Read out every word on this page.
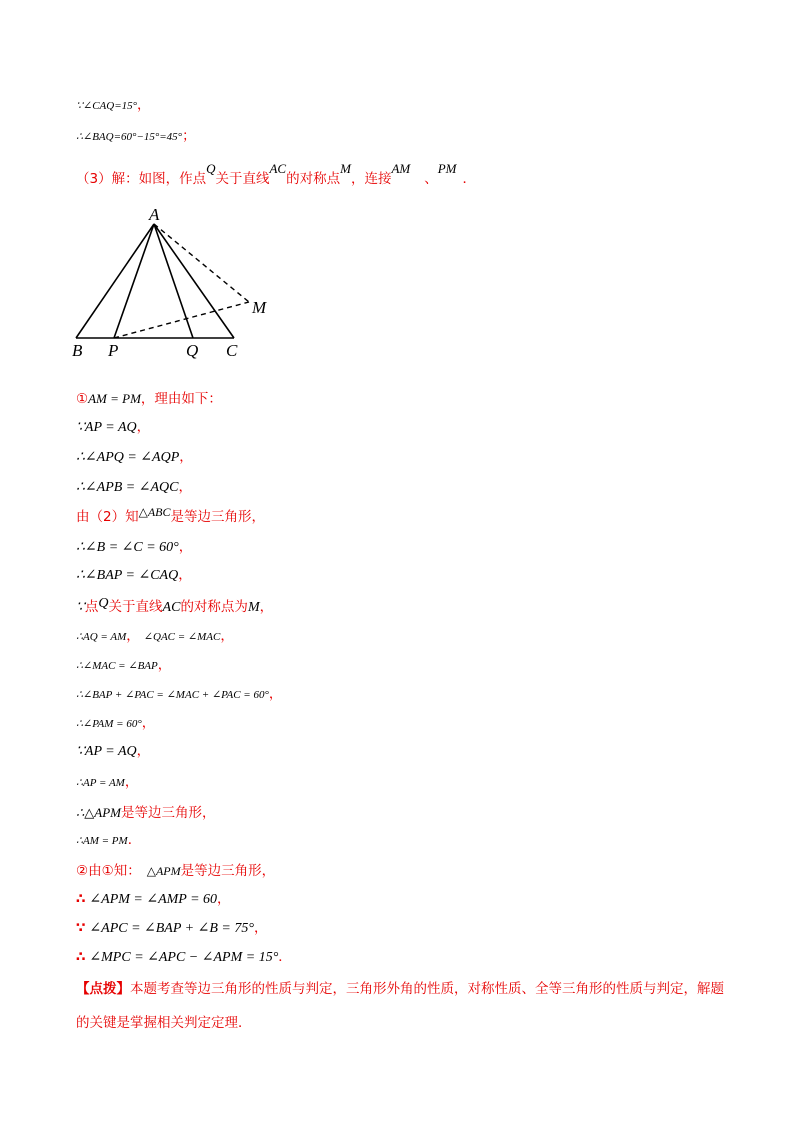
∵∠CAQ=15°，
∴∠BAQ=60°−15°=45°；
（3）解：如图，作点$^Q$关于直线$^{AC}$的对称点$^M$，连接$^{AM}$、$^{PM}$．
A
B P	Q C
M
①AM = PM，理由如下：
∵AP = AQ，
∴∠APQ = ∠AQP，
∴∠APB = ∠AQC，
由（2）知$^{\triangle ABC}$是等边三角形，
∴∠B = ∠C = 60°，
∴∠BAP = ∠CAQ，
∵点Q关于直线AC的对称点为M，
∴AQ = AM， ∠QAC = ∠MAC，
∴∠MAC = ∠BAP，
∴∠BAP + ∠PAC = ∠MAC + ∠PAC = 60°，
∴∠PAM = 60°，
∵AP = AQ，
∴AP = AM，
∴△APM是等边三角形，
∴AM = PM．
②由①知： △APM是等边三角形，
∴ ∠APM = ∠AMP = 60，
∵ ∠APC = ∠BAP + ∠B = 75°，
∴ ∠MPC = ∠APC − ∠APM = 15°．
【点拨】本题考查等边三角形的性质与判定，三角形外角的性质，对称性质、全等三角形的性质与判定，解题的关键是掌握相关判定定理．
